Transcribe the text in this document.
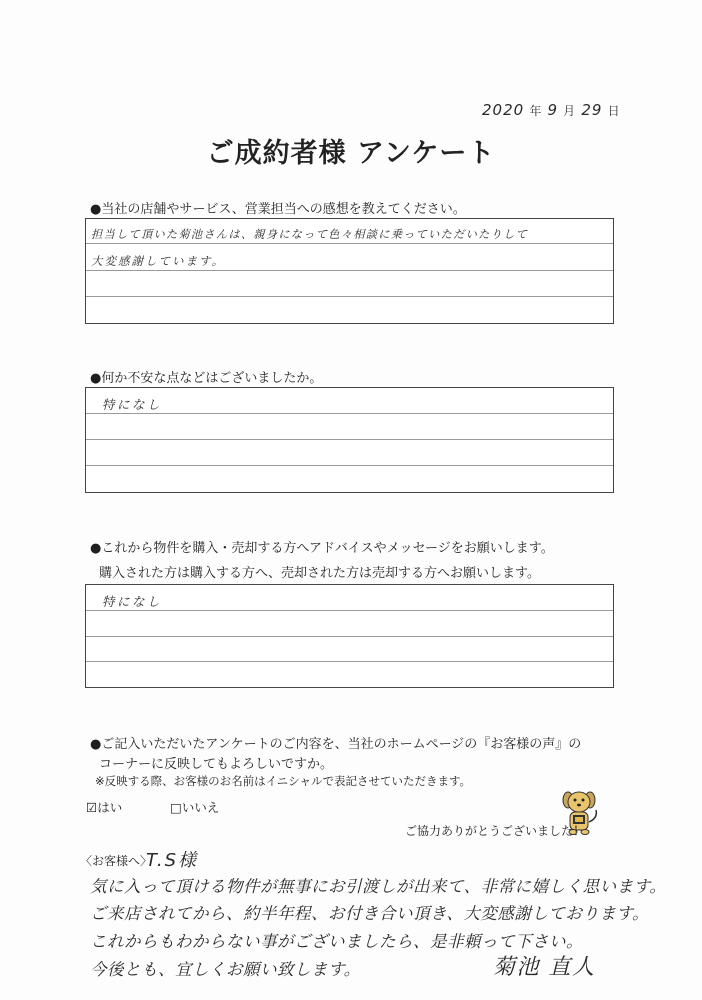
2020 年 9 月 29 日
ご成約者様 アンケート
●当社の店舗やサービス、営業担当への感想を教えてください。
担当して頂いた菊池さんは、親身になって色々相談に乗っていただいたりして
大変感謝しています。
●何か不安な点などはございましたか。
特になし
●これから物件を購入・売却する方へアドバイスやメッセージをお願いします。
購入された方は購入する方へ、売却された方は売却する方へお願いします。
特になし
●ご記入いただいたアンケートのご内容を、当社のホームページの『お客様の声』の
コーナーに反映してもよろしいですか。
※反映する際、お客様のお名前はイニシャルで表記させていただきます。
☑はい	□いいえ
ご協力ありがとうございました！
〈お客様へ〉
T.S様
気に入って頂ける物件が無事にお引渡しが出来て、非常に嬉しく思います。
ご来店されてから、約半年程、お付き合い頂き、大変感謝しております。
これからもわからない事がございましたら、是非頼って下さい。
今後とも、宜しくお願い致します。	菊池 直人
